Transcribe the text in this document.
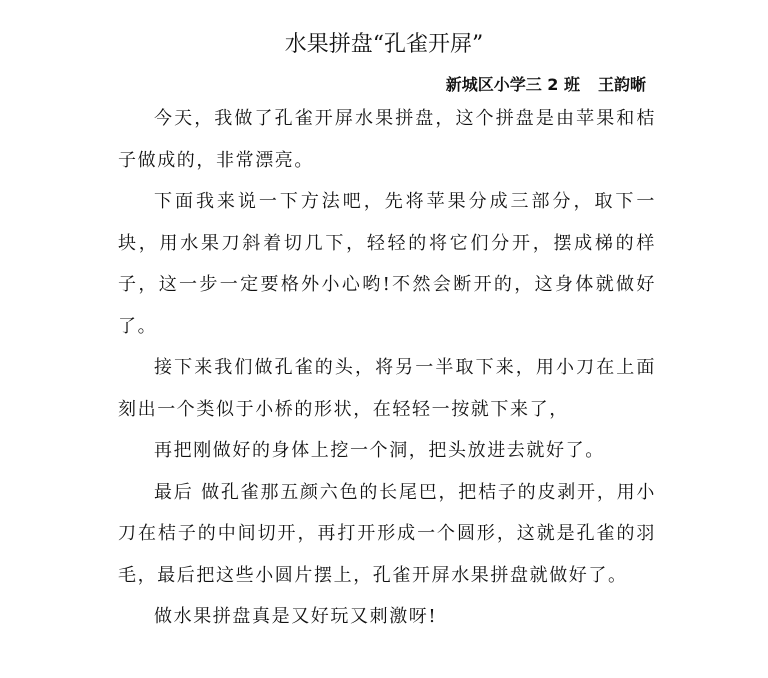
水果拼盘“孔雀开屏”
新城区小学三 2 班 王韵晰

今天，我做了孔雀开屏水果拼盘，这个拼盘是由苹果和桔子做成的，非常漂亮。

下面我来说一下方法吧，先将苹果分成三部分，取下一块，用水果刀斜着切几下，轻轻的将它们分开，摆成梯的样子，这一步一定要格外小心哟!不然会断开的，这身体就做好了。

接下来我们做孔雀的头，将另一半取下来，用小刀在上面刻出一个类似于小桥的形状，在轻轻一按就下来了，

再把刚做好的身体上挖一个洞，把头放进去就好了。

最后 做孔雀那五颜六色的长尾巴，把桔子的皮剥开，用小刀在桔子的中间切开，再打开形成一个圆形，这就是孔雀的羽毛，最后把这些小圆片摆上，孔雀开屏水果拼盘就做好了。

做水果拼盘真是又好玩又刺激呀!
